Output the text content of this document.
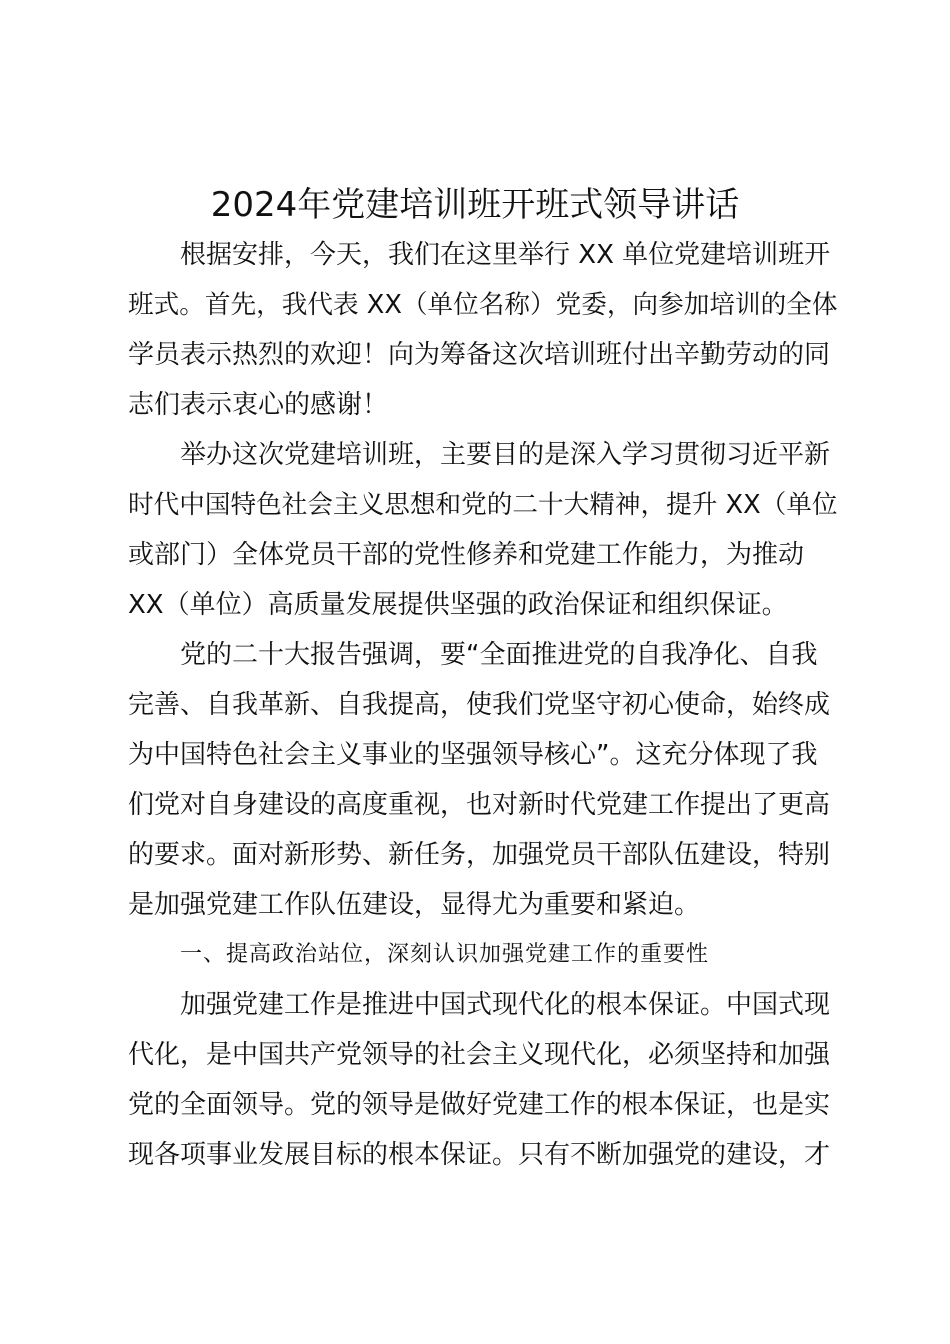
2024年党建培训班开班式领导讲话
根据安排，今天，我们在这里举行 XX 单位党建培训班开
班式。首先，我代表 XX（单位名称）党委，向参加培训的全体
学员表示热烈的欢迎！向为筹备这次培训班付出辛勤劳动的同
志们表示衷心的感谢！
举办这次党建培训班，主要目的是深入学习贯彻习近平新
时代中国特色社会主义思想和党的二十大精神，提升 XX（单位
或部门）全体党员干部的党性修养和党建工作能力，为推动
XX（单位）高质量发展提供坚强的政治保证和组织保证。
党的二十大报告强调，要“全面推进党的自我净化、自我
完善、自我革新、自我提高，使我们党坚守初心使命，始终成
为中国特色社会主义事业的坚强领导核心”。这充分体现了我
们党对自身建设的高度重视，也对新时代党建工作提出了更高
的要求。面对新形势、新任务，加强党员干部队伍建设，特别
是加强党建工作队伍建设，显得尤为重要和紧迫。
一、提高政治站位，深刻认识加强党建工作的重要性
加强党建工作是推进中国式现代化的根本保证。中国式现
代化，是中国共产党领导的社会主义现代化，必须坚持和加强
党的全面领导。党的领导是做好党建工作的根本保证，也是实
现各项事业发展目标的根本保证。只有不断加强党的建设，才
